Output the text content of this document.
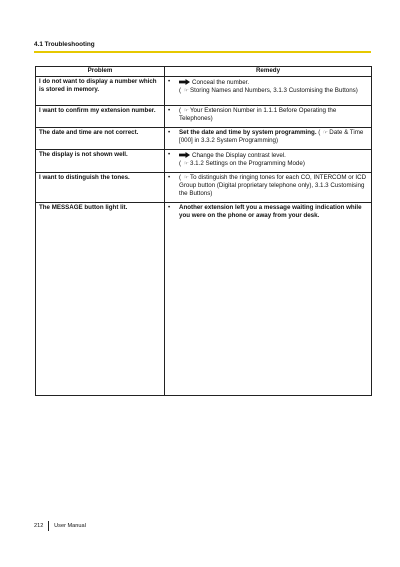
4.1 Troubleshooting
Problem	Remedy
I do not want to display a number which is stored in memory.	• Conceal the number.
( ☞ Storing Names and Numbers, 3.1.3 Customising the Buttons)

I want to confirm my extension number.	• ( ☞ Your Extension Number in 1.1.1 Before Operating the Telephones)

The date and time are not correct.	• Set the date and time by system programming. ( ☞ Date & Time [000] in 3.3.2 System Programming)

The display is not shown well.	• Change the Display contrast level.
( ☞ 3.1.2 Settings on the Programming Mode)

I want to distinguish the tones.	• ( ☞ To distinguish the ringing tones for each CO, INTERCOM or ICD Group button (Digital proprietary telephone only), 3.1.3 Customising the Buttons)

The MESSAGE button light lit.	• Another extension left you a message waiting indication while you were on the phone or away from your desk.
212 User Manual
